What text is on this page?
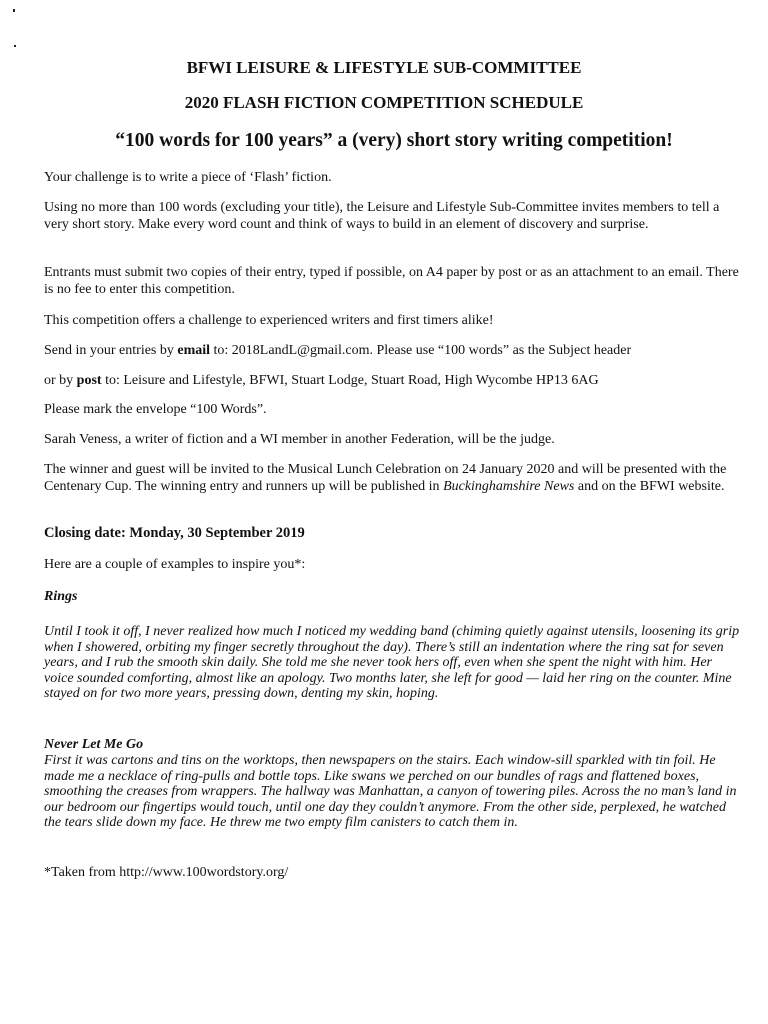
BFWI LEISURE & LIFESTYLE SUB-COMMITTEE
2020 FLASH FICTION COMPETITION SCHEDULE
“100 words for 100 years” a (very) short story writing competition!

Your challenge is to write a piece of ‘Flash’ fiction.

Using no more than 100 words (excluding your title), the Leisure and Lifestyle Sub-Committee invites members to tell a very short story. Make every word count and think of ways to build in an element of discovery and surprise.

Entrants must submit two copies of their entry, typed if possible, on A4 paper by post or as an attachment to an email. There is no fee to enter this competition.

This competition offers a challenge to experienced writers and first timers alike!

Send in your entries by email to: 2018LandL@gmail.com. Please use “100 words” as the Subject header

or by post to: Leisure and Lifestyle, BFWI, Stuart Lodge, Stuart Road, High Wycombe HP13 6AG

Please mark the envelope “100 Words”.

Sarah Veness, a writer of fiction and a WI member in another Federation, will be the judge.

The winner and guest will be invited to the Musical Lunch Celebration on 24 January 2020 and will be presented with the Centenary Cup. The winning entry and runners up will be published in Buckinghamshire News and on the BFWI website.

Closing date: Monday, 30 September 2019

Here are a couple of examples to inspire you*:

Rings

Until I took it off, I never realized how much I noticed my wedding band (chiming quietly against utensils, loosening its grip when I showered, orbiting my finger secretly throughout the day). There’s still an indentation where the ring sat for seven years, and I rub the smooth skin daily. She told me she never took hers off, even when she spent the night with him. Her voice sounded comforting, almost like an apology. Two months later, she left for good — laid her ring on the counter. Mine stayed on for two more years, pressing down, denting my skin, hoping.

Never Let Me Go

First it was cartons and tins on the worktops, then newspapers on the stairs. Each window-sill sparkled with tin foil. He made me a necklace of ring-pulls and bottle tops. Like swans we perched on our bundles of rags and flattened boxes, smoothing the creases from wrappers. The hallway was Manhattan, a canyon of towering piles. Across the no man’s land in our bedroom our fingertips would touch, until one day they couldn’t anymore. From the other side, perplexed, he watched the tears slide down my face. He threw me two empty film canisters to catch them in.

*Taken from http://www.100wordstory.org/
